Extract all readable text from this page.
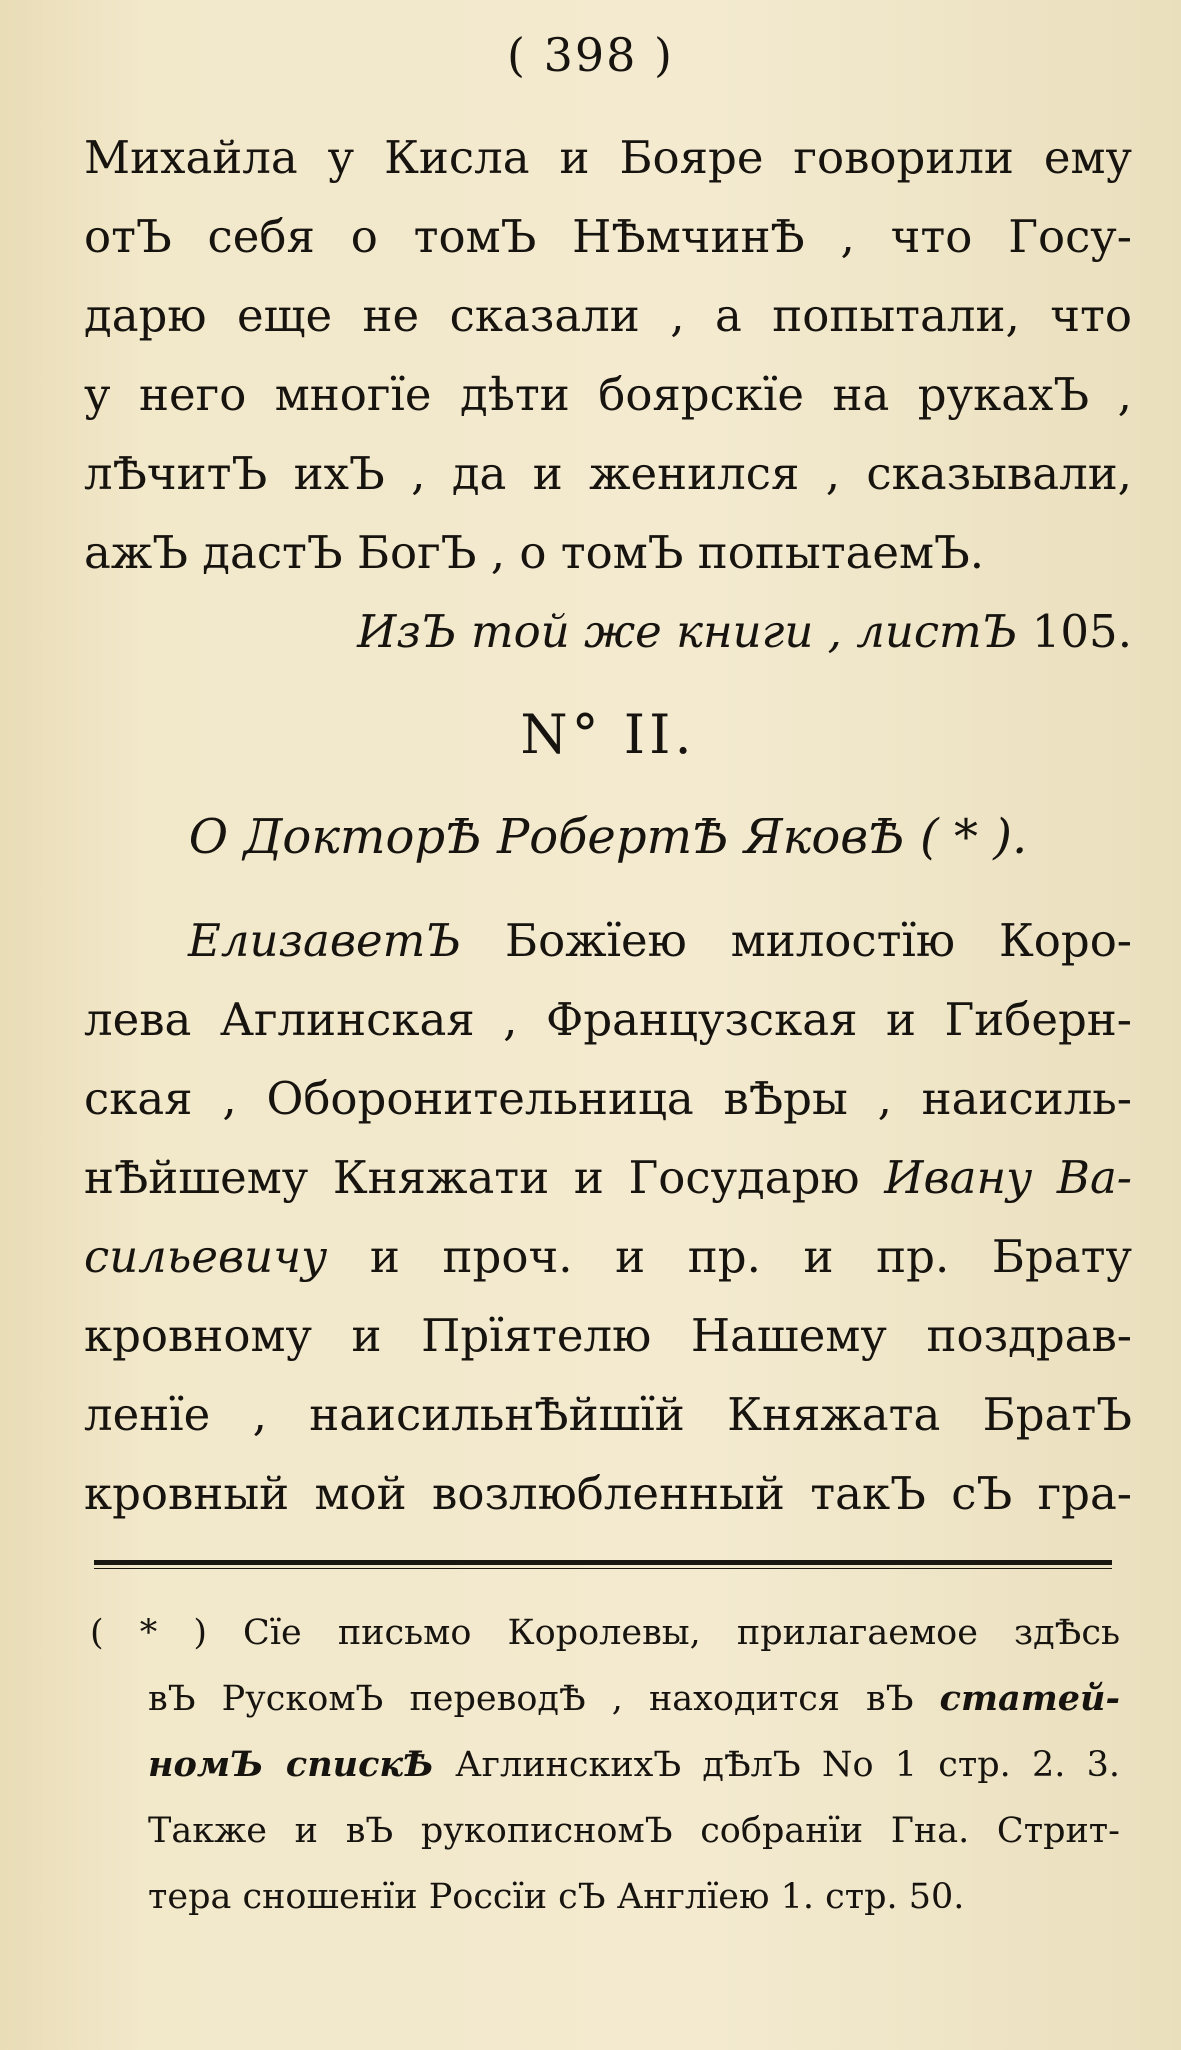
( 398 )
Михайла у Кисла и Бояре говорили ему
отЪ себя о томЪ НѢмчинѢ , что Госу-
дарю еще не сказали , а попытали, что
у него многїе дѣти боярскїе на рукахЪ ,
лѢчитЪ ихЪ , да и женился , сказывали,
ажЪ дастЪ БогЪ , о томЪ попытаемЪ.
ИзЪ той же книги , листЪ 105.
N° II.
О ДокторѢ РобертѢ ЯковѢ ( * ).
ЕлизаветЪ Божїею милостїю Коро-
лева Аглинская , Французская и Гиберн-
ская , Оборонительница вѢры , наисиль-
нѢйшему Княжати и Государю Ивану Ва-
сильевичу и проч. и пр. и пр. Брату
кровному и Прїятелю Нашему поздрав-
ленїе , наисильнѢйшїй Княжата БратЪ
кровный мой возлюбленный такЪ сЪ гра-
( * ) Сїе письмо Королевы, прилагаемое здѢсь
вЪ РускомЪ переводѢ , находится вЪ статей-
номЪ спискѢ АглинскихЪ дѢлЪ No 1 стр. 2. 3.
Также и вЪ рукописномЪ собранїи Гна. Стрит-
тера сношенїи Россїи сЪ Англїею 1. стр. 50.
